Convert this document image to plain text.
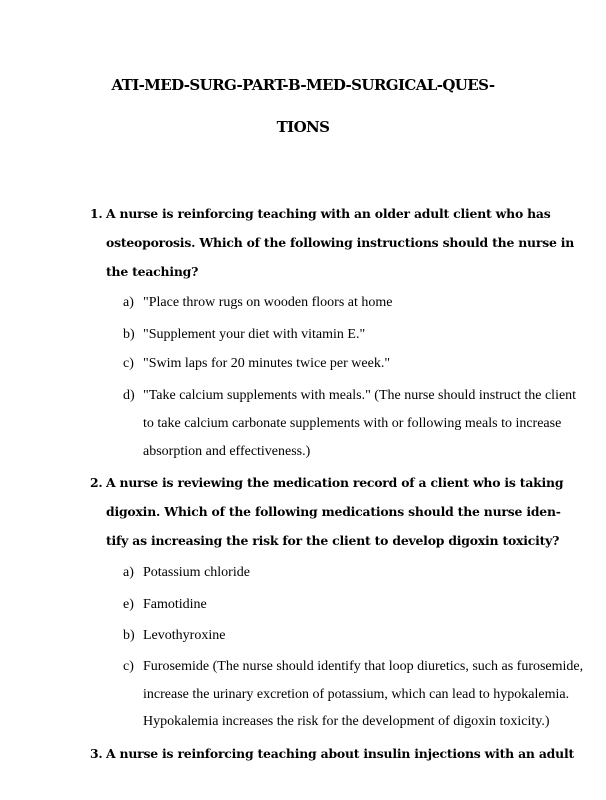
ATI-MED-SURG-PART-B-MED-SURGICAL-QUES-
TIONS
1. A nurse is reinforcing teaching with an older adult client who has
osteoporosis. Which of the following instructions should the nurse in
the teaching?
a) "Place throw rugs on wooden floors at home
b) "Supplement your diet with vitamin E."
c) "Swim laps for 20 minutes twice per week."
d) "Take calcium supplements with meals." (The nurse should instruct the client
to take calcium carbonate supplements with or following meals to increase
absorption and effectiveness.)
2. A nurse is reviewing the medication record of a client who is taking
digoxin. Which of the following medications should the nurse iden-
tify as increasing the risk for the client to develop digoxin toxicity?
a) Potassium chloride
e) Famotidine
b) Levothyroxine
c) Furosemide (The nurse should identify that loop diuretics, such as furosemide,
increase the urinary excretion of potassium, which can lead to hypokalemia.
Hypokalemia increases the risk for the development of digoxin toxicity.)
3. A nurse is reinforcing teaching about insulin injections with an adult
